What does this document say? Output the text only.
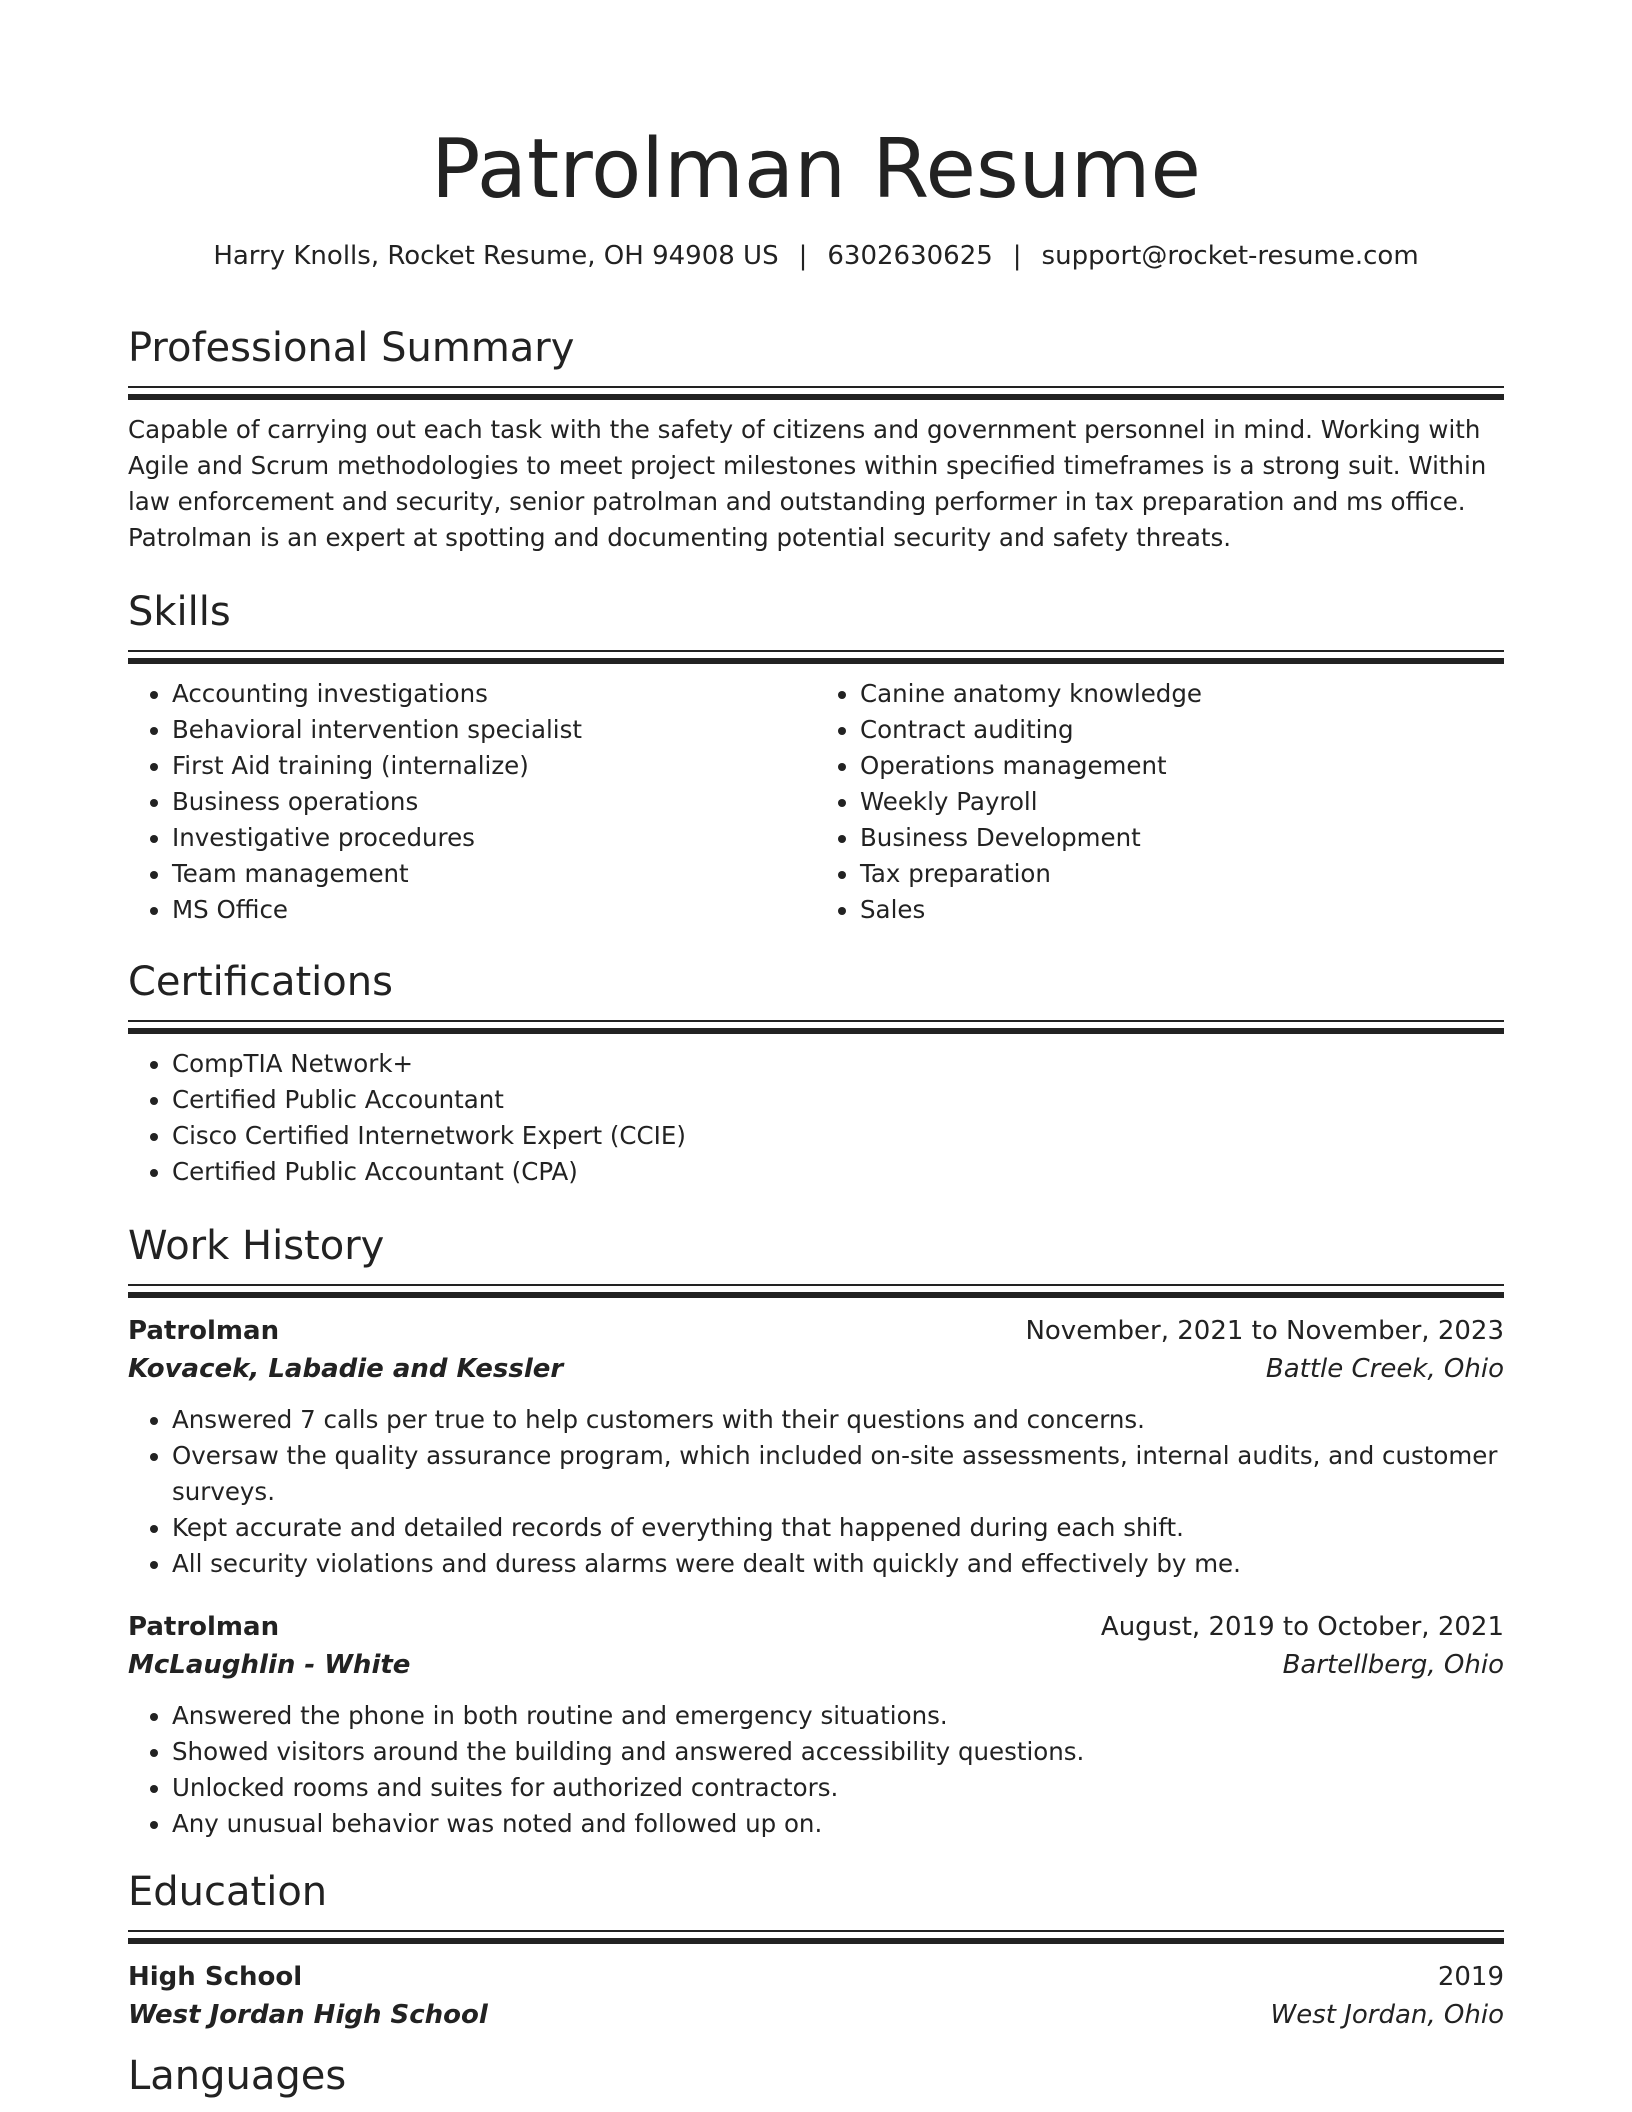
Patrolman Resume
Harry Knolls, Rocket Resume, OH 94908 US | 6302630625 | support@rocket-resume.com
Professional Summary

Capable of carrying out each task with the safety of citizens and government personnel in mind. Working with Agile and Scrum methodologies to meet project milestones within specified timeframes is a strong suit. Within law enforcement and security, senior patrolman and outstanding performer in tax preparation and ms office. Patrolman is an expert at spotting and documenting potential security and safety threats.

Skills
• Accounting investigations
• Behavioral intervention specialist
• First Aid training (internalize)
• Business operations
• Investigative procedures
• Team management
• MS Office
• Canine anatomy knowledge
• Contract auditing
• Operations management
• Weekly Payroll
• Business Development
• Tax preparation
• Sales
Certifications
• CompTIA Network+
• Certified Public Accountant
• Cisco Certified Internetwork Expert (CCIE)
• Certified Public Accountant (CPA)
Work History
Patrolman	November, 2021 to November, 2023
Kovacek, Labadie and Kessler	Battle Creek, Ohio
• Answered 7 calls per true to help customers with their questions and concerns.
• Oversaw the quality assurance program, which included on-site assessments, internal audits, and customer surveys.
• Kept accurate and detailed records of everything that happened during each shift.
• All security violations and duress alarms were dealt with quickly and effectively by me.
Patrolman	August, 2019 to October, 2021
McLaughlin - White	Bartellberg, Ohio
• Answered the phone in both routine and emergency situations.
• Showed visitors around the building and answered accessibility questions.
• Unlocked rooms and suites for authorized contractors.
• Any unusual behavior was noted and followed up on.
Education
High School	2019
West Jordan High School	West Jordan, Ohio
Languages
